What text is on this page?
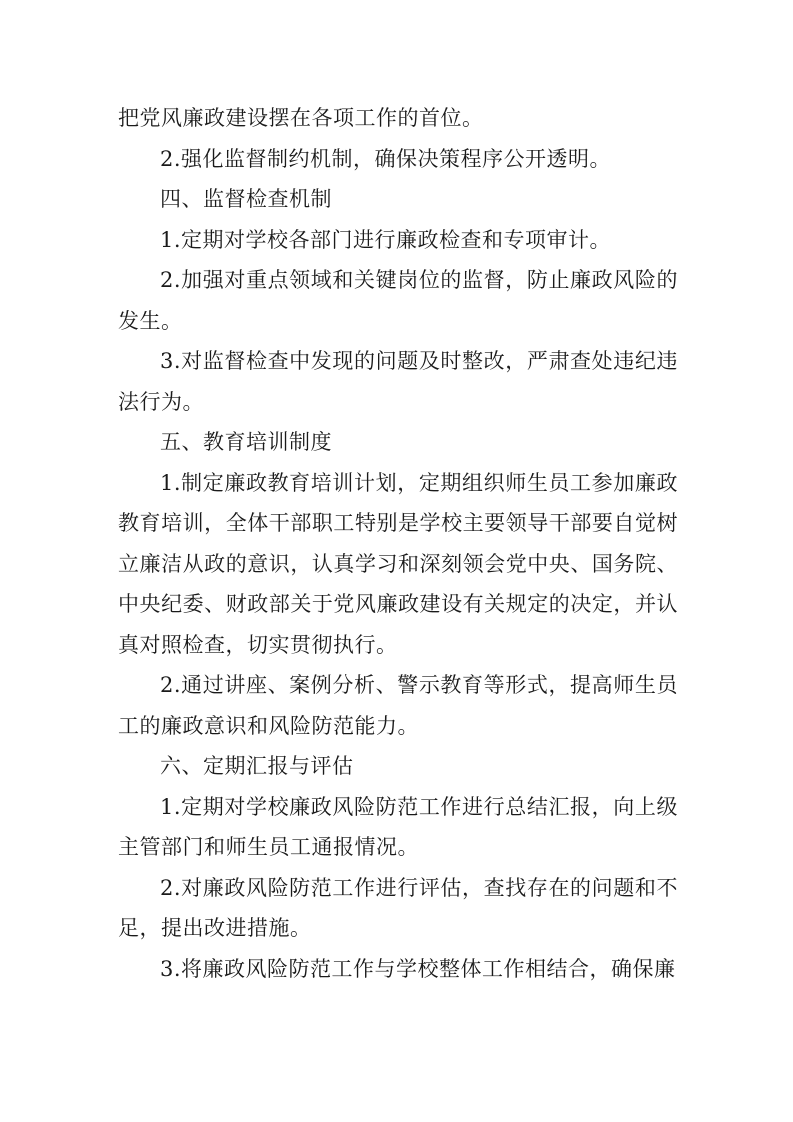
把党风廉政建设摆在各项工作的首位。

2.强化监督制约机制，确保决策程序公开透明。

四、监督检查机制

1.定期对学校各部门进行廉政检查和专项审计。

2.加强对重点领域和关键岗位的监督，防止廉政风险的发生。

3.对监督检查中发现的问题及时整改，严肃查处违纪违法行为。

五、教育培训制度

1.制定廉政教育培训计划，定期组织师生员工参加廉政教育培训，全体干部职工特别是学校主要领导干部要自觉树立廉洁从政的意识，认真学习和深刻领会党中央、国务院、中央纪委、财政部关于党风廉政建设有关规定的决定，并认真对照检查，切实贯彻执行。

2.通过讲座、案例分析、警示教育等形式，提高师生员工的廉政意识和风险防范能力。

六、定期汇报与评估

1.定期对学校廉政风险防范工作进行总结汇报，向上级主管部门和师生员工通报情况。

2.对廉政风险防范工作进行评估，查找存在的问题和不足，提出改进措施。

3.将廉政风险防范工作与学校整体工作相结合，确保廉
